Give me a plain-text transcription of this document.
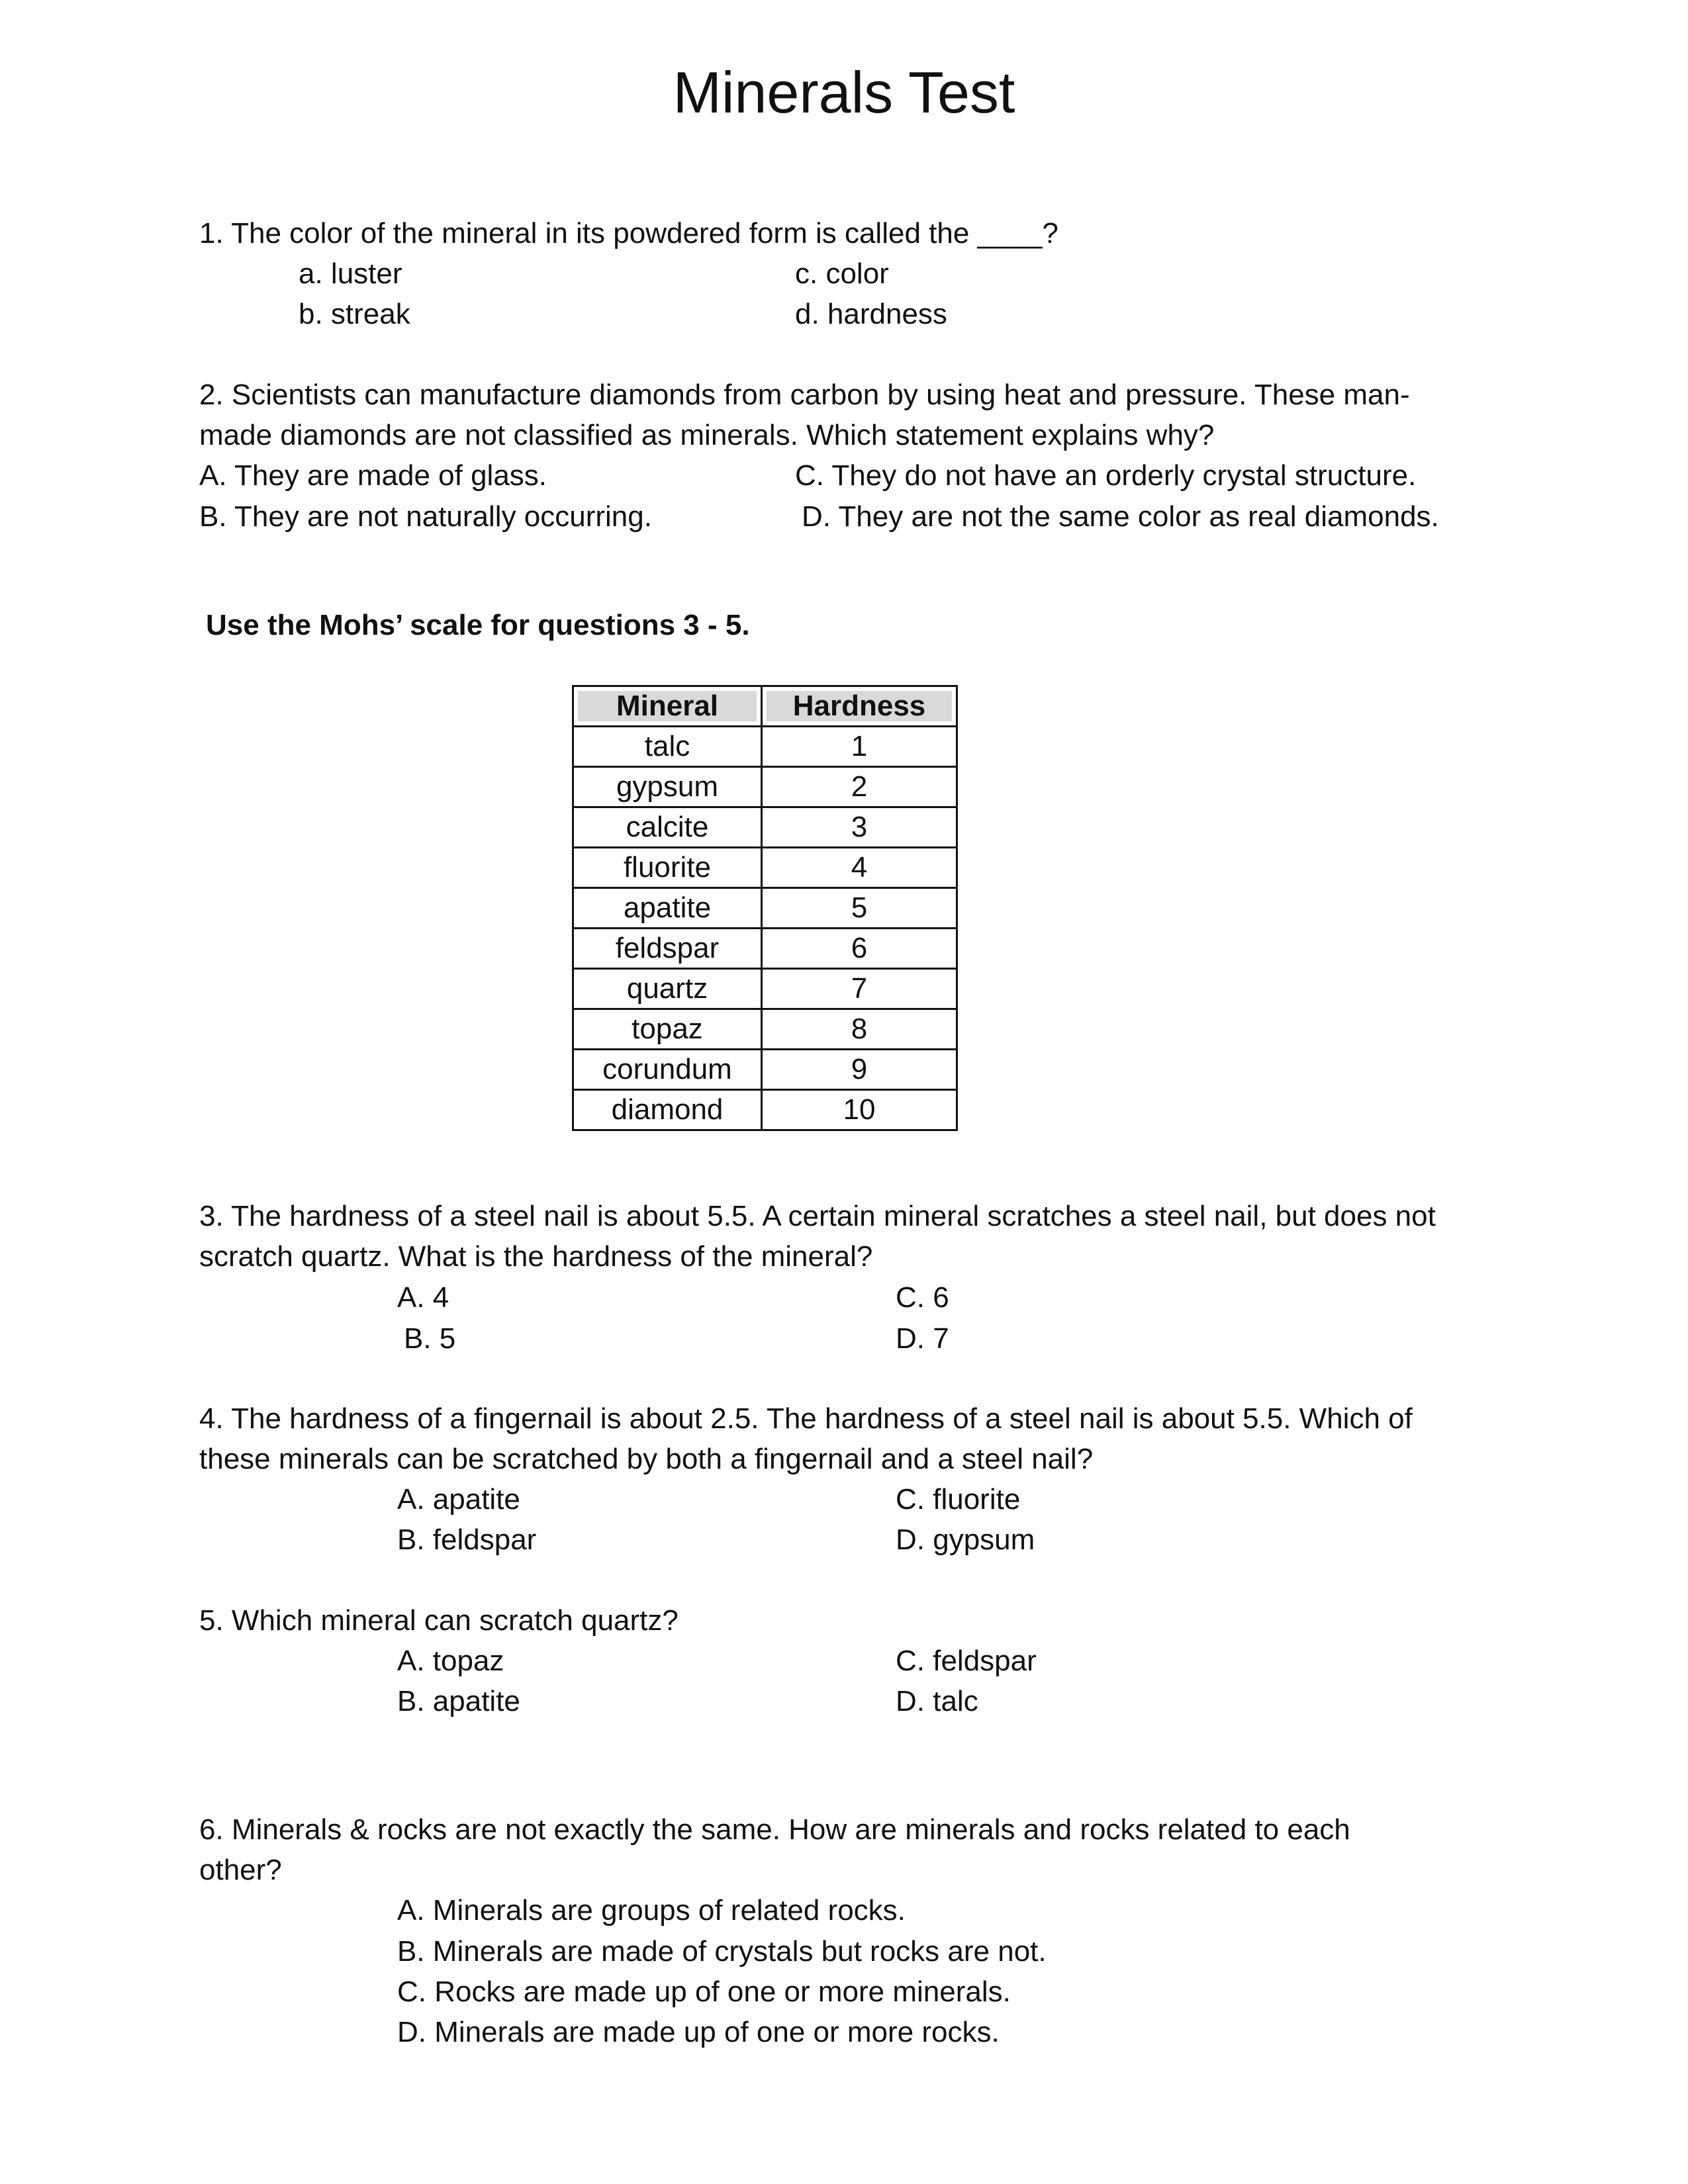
Minerals Test
1. The color of the mineral in its powdered form is called the ____?
a. luster
b. streak
c. color
d. hardness
2. Scientists can manufacture diamonds from carbon by using heat and pressure. These man-
made diamonds are not classified as minerals. Which statement explains why?
A. They are made of glass.
B. They are not naturally occurring.
C. They do not have an orderly crystal structure.
D. They are not the same color as real diamonds.
Use the Mohs’ scale for questions 3 - 5.
Mineral	Hardness
talc	1
gypsum	2
calcite	3
fluorite	4
apatite	5
feldspar	6
quartz	7
topaz	8
corundum	9
diamond	10
3. The hardness of a steel nail is about 5.5. A certain mineral scratches a steel nail, but does not
scratch quartz. What is the hardness of the mineral?
A. 4
B. 5
C. 6
D. 7
4. The hardness of a fingernail is about 2.5. The hardness of a steel nail is about 5.5. Which of
these minerals can be scratched by both a fingernail and a steel nail?
A. apatite
B. feldspar
C. fluorite
D. gypsum
5. Which mineral can scratch quartz?
A. topaz
B. apatite
C. feldspar
D. talc
6. Minerals & rocks are not exactly the same. How are minerals and rocks related to each
other?
A. Minerals are groups of related rocks.
B. Minerals are made of crystals but rocks are not.
C. Rocks are made up of one or more minerals.
D. Minerals are made up of one or more rocks.
